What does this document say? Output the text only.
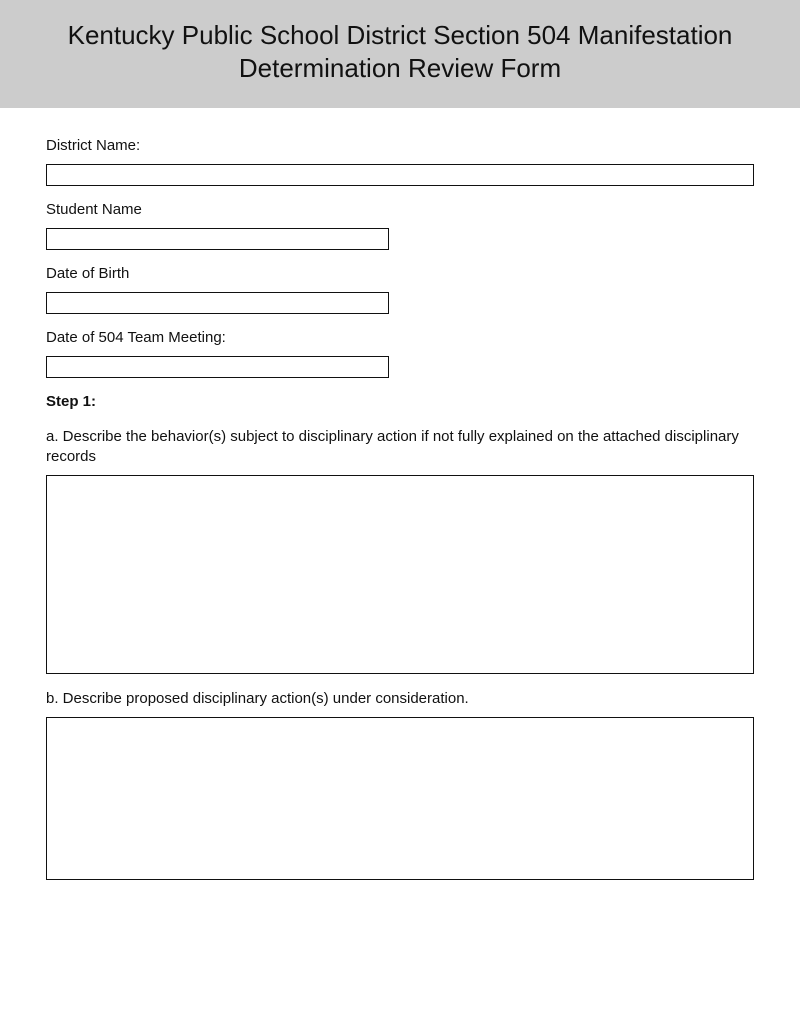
Kentucky Public School District Section 504 Manifestation Determination Review Form
District Name:
Student Name
Date of Birth
Date of 504 Team Meeting:
Step 1:
a. Describe the behavior(s) subject to disciplinary action if not fully explained on the attached disciplinary records
b. Describe proposed disciplinary action(s) under consideration.
